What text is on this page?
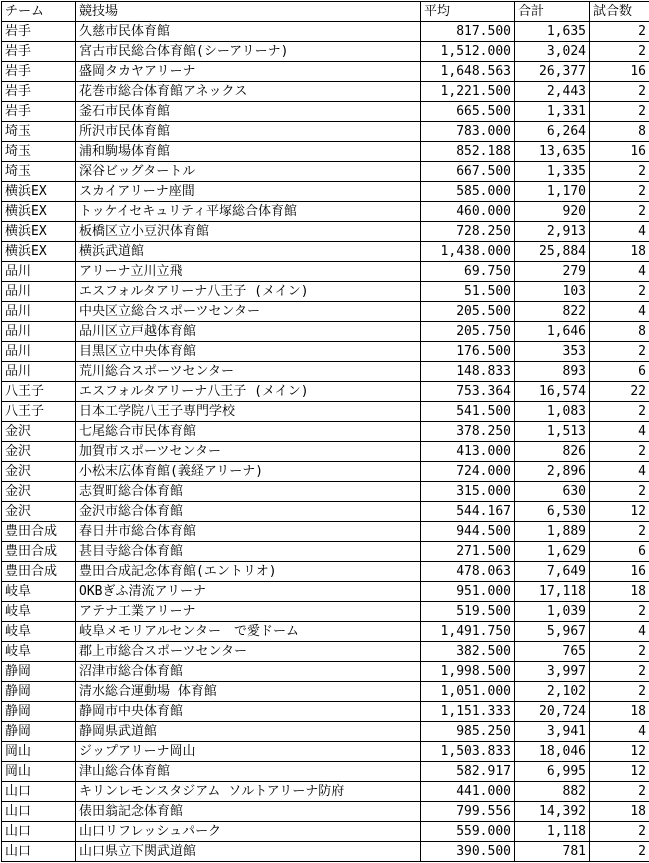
チーム	競技場	平均	合計	試合数
岩手	久慈市民体育館	817.500	1,635	2
岩手	宮古市民総合体育館(シーアリーナ)	1,512.000	3,024	2
岩手	盛岡タカヤアリーナ	1,648.563	26,377	16
岩手	花巻市総合体育館アネックス	1,221.500	2,443	2
岩手	釜石市民体育館	665.500	1,331	2
埼玉	所沢市民体育館	783.000	6,264	8
埼玉	浦和駒場体育館	852.188	13,635	16
埼玉	深谷ビッグタートル	667.500	1,335	2
横浜EX	スカイアリーナ座間	585.000	1,170	2
横浜EX	トッケイセキュリティ平塚総合体育館	460.000	920	2
横浜EX	板橋区立小豆沢体育館	728.250	2,913	4
横浜EX	横浜武道館	1,438.000	25,884	18
品川	アリーナ立川立飛	69.750	279	4
品川	エスフォルタアリーナ八王子 (メイン)	51.500	103	2
品川	中央区立総合スポーツセンター	205.500	822	4
品川	品川区立戸越体育館	205.750	1,646	8
品川	目黒区立中央体育館	176.500	353	2
品川	荒川総合スポーツセンター	148.833	893	6
八王子	エスフォルタアリーナ八王子 (メイン)	753.364	16,574	22
八王子	日本工学院八王子専門学校	541.500	1,083	2
金沢	七尾総合市民体育館	378.250	1,513	4
金沢	加賀市スポーツセンター	413.000	826	2
金沢	小松末広体育館(義経アリーナ)	724.000	2,896	4
金沢	志賀町総合体育館	315.000	630	2
金沢	金沢市総合体育館	544.167	6,530	12
豊田合成	春日井市総合体育館	944.500	1,889	2
豊田合成	甚目寺総合体育館	271.500	1,629	6
豊田合成	豊田合成記念体育館(エントリオ)	478.063	7,649	16
岐阜	OKBぎふ清流アリーナ	951.000	17,118	18
岐阜	アテナ工業アリーナ	519.500	1,039	2
岐阜	岐阜メモリアルセンター　で愛ドーム	1,491.750	5,967	4
岐阜	郡上市総合スポーツセンター	382.500	765	2
静岡	沼津市総合体育館	1,998.500	3,997	2
静岡	清水総合運動場 体育館	1,051.000	2,102	2
静岡	静岡市中央体育館	1,151.333	20,724	18
静岡	静岡県武道館	985.250	3,941	4
岡山	ジップアリーナ岡山	1,503.833	18,046	12
岡山	津山総合体育館	582.917	6,995	12
山口	キリンレモンスタジアム ソルトアリーナ防府	441.000	882	2
山口	俵田翁記念体育館	799.556	14,392	18
山口	山口リフレッシュパーク	559.000	1,118	2
山口	山口県立下関武道館	390.500	781	2
